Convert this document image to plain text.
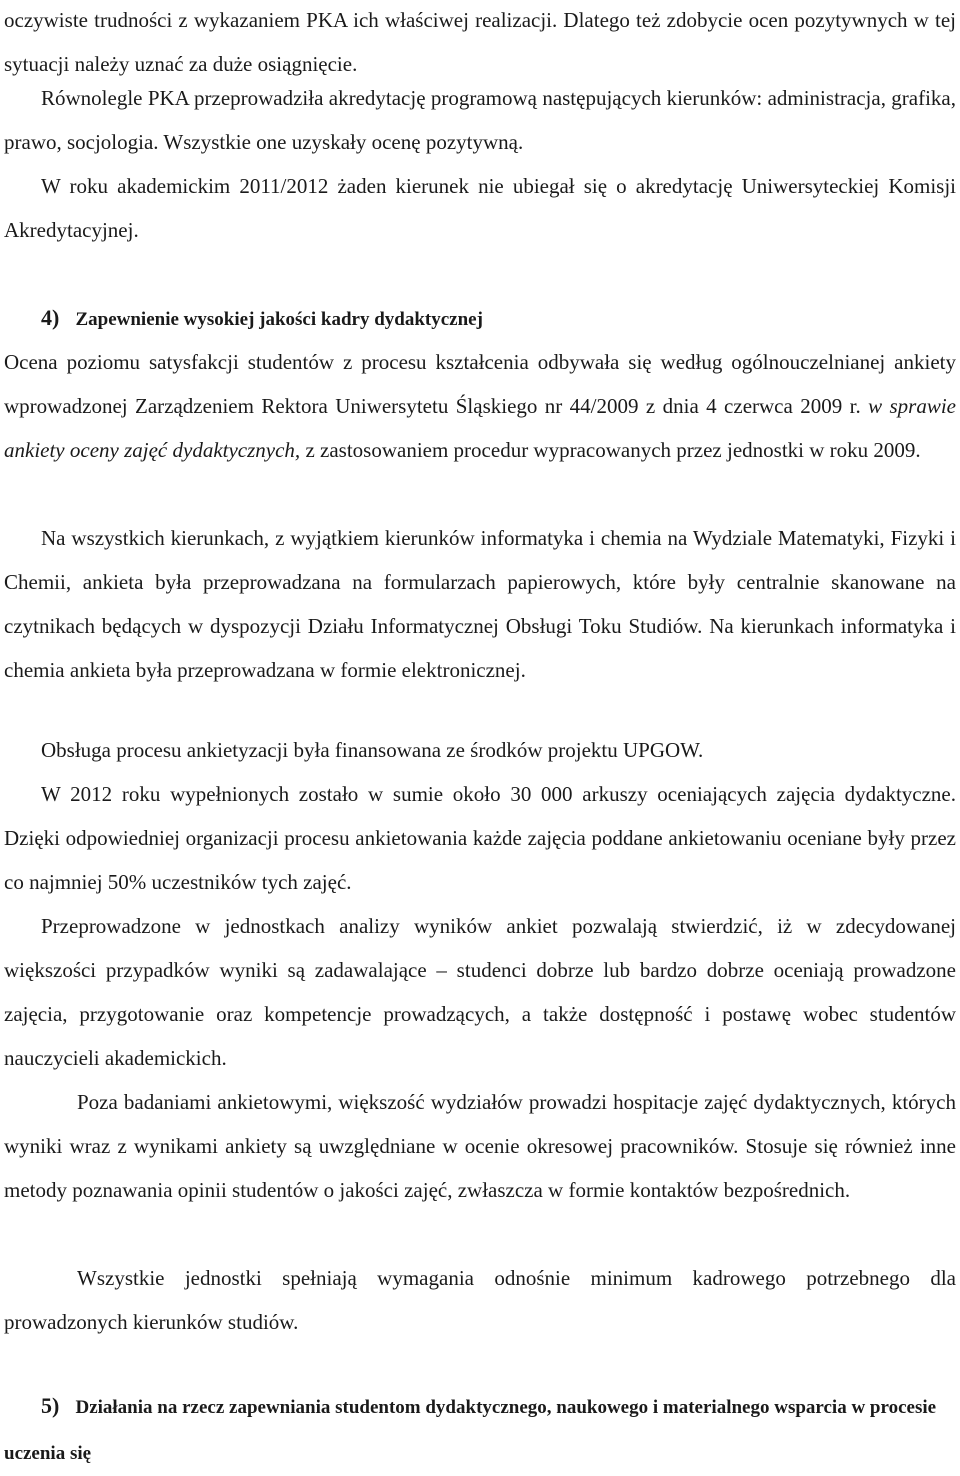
oczywiste trudności z wykazaniem PKA ich właściwej realizacji. Dlatego też zdobycie ocen pozytywnych w tej sytuacji należy uznać za duże osiągnięcie.

Równolegle PKA przeprowadziła akredytację programową następujących kierunków: administracja, grafika, prawo, socjologia. Wszystkie one uzyskały ocenę pozytywną.

W roku akademickim 2011/2012 żaden kierunek nie ubiegał się o akredytację Uniwersyteckiej Komisji Akredytacyjnej.

4) Zapewnienie wysokiej jakości kadry dydaktycznej

Ocena poziomu satysfakcji studentów z procesu kształcenia odbywała się według ogólnouczelnianej ankiety wprowadzonej Zarządzeniem Rektora Uniwersytetu Śląskiego nr 44/2009 z dnia 4 czerwca 2009 r. w sprawie ankiety oceny zajęć dydaktycznych, z zastosowaniem procedur wypracowanych przez jednostki w roku 2009.

Na wszystkich kierunkach, z wyjątkiem kierunków informatyka i chemia na Wydziale Matematyki, Fizyki i Chemii, ankieta była przeprowadzana na formularzach papierowych, które były centralnie skanowane na czytnikach będących w dyspozycji Działu Informatycznej Obsługi Toku Studiów. Na kierunkach informatyka i chemia ankieta była przeprowadzana w formie elektronicznej.

Obsługa procesu ankietyzacji była finansowana ze środków projektu UPGOW.

W 2012 roku wypełnionych zostało w sumie około 30 000 arkuszy oceniających zajęcia dydaktyczne. Dzięki odpowiedniej organizacji procesu ankietowania każde zajęcia poddane ankietowaniu oceniane były przez co najmniej 50% uczestników tych zajęć.

Przeprowadzone w jednostkach analizy wyników ankiet pozwalają stwierdzić, iż w zdecydowanej większości przypadków wyniki są zadawalające – studenci dobrze lub bardzo dobrze oceniają prowadzone zajęcia, przygotowanie oraz kompetencje prowadzących, a także dostępność i postawę wobec studentów nauczycieli akademickich.

Poza badaniami ankietowymi, większość wydziałów prowadzi hospitacje zajęć dydaktycznych, których wyniki wraz z wynikami ankiety są uwzględniane w ocenie okresowej pracowników. Stosuje się również inne metody poznawania opinii studentów o jakości zajęć, zwłaszcza w formie kontaktów bezpośrednich.

Wszystkie jednostki spełniają wymagania odnośnie minimum kadrowego potrzebnego dla prowadzonych kierunków studiów.

5) Działania na rzecz zapewniania studentom dydaktycznego, naukowego i materialnego wsparcia w procesie uczenia się
